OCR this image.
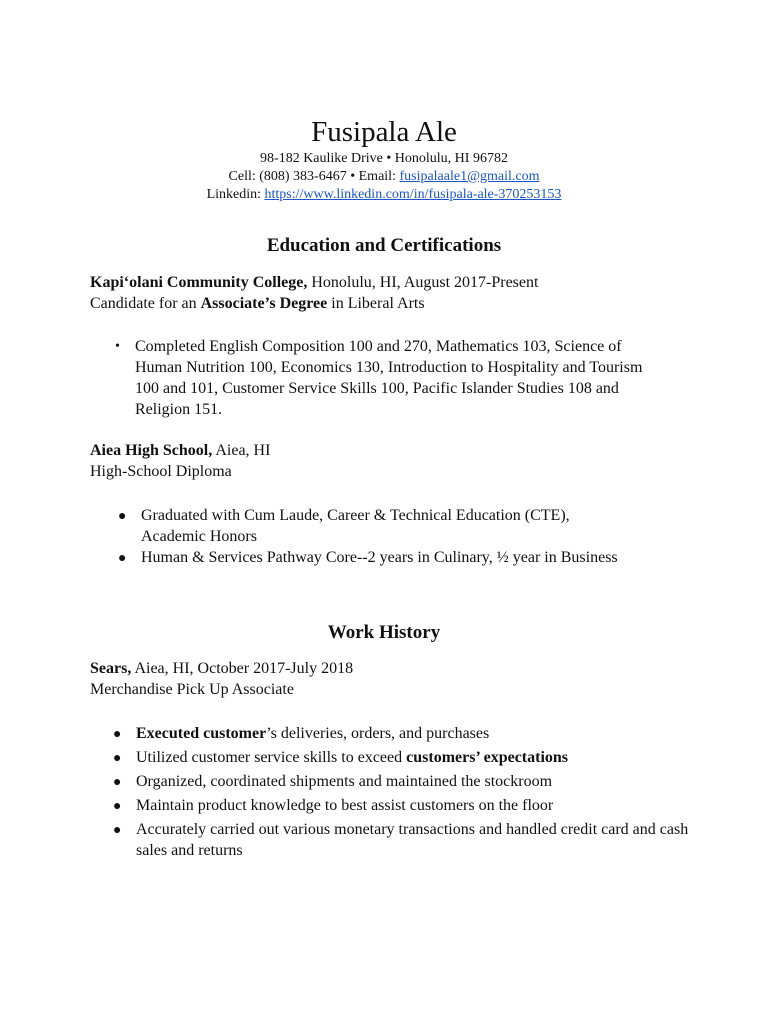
Fusipala Ale
98-182 Kaulike Drive • Honolulu, HI 96782
Cell: (808) 383-6467 • Email: fusipalaale1@gmail.com
Linkedin: https://www.linkedin.com/in/fusipala-ale-370253153
Education and Certifications
Kapi‘olani Community College, Honolulu, HI, August 2017-Present
Candidate for an Associate’s Degree in Liberal Arts
• Completed English Composition 100 and 270, Mathematics 103, Science of Human Nutrition 100, Economics 130, Introduction to Hospitality and Tourism 100 and 101, Customer Service Skills 100, Pacific Islander Studies 108 and Religion 151.
Aiea High School, Aiea, HI
High-School Diploma
● Graduated with Cum Laude, Career & Technical Education (CTE), Academic Honors
● Human & Services Pathway Core--2 years in Culinary, ½ year in Business
Work History
Sears, Aiea, HI, October 2017-July 2018
Merchandise Pick Up Associate
● Executed customer’s deliveries, orders, and purchases
● Utilized customer service skills to exceed customers’ expectations
● Organized, coordinated shipments and maintained the stockroom
● Maintain product knowledge to best assist customers on the floor
● Accurately carried out various monetary transactions and handled credit card and cash sales and returns
